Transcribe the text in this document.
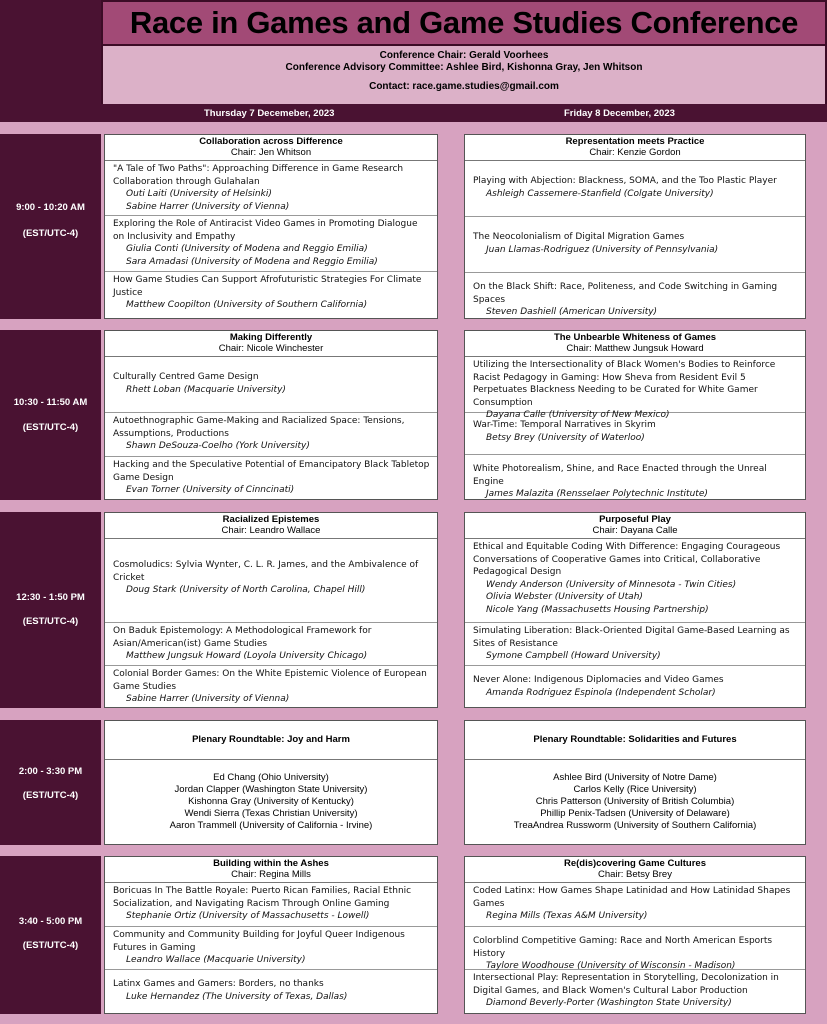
Race in Games and Game Studies Conference
Conference Chair: Gerald Voorhees
Conference Advisory Committee: Ashlee Bird, Kishonna Gray, Jen Whitson
Contact: race.game.studies@gmail.com
Thursday 7 Decemeber, 2023	Friday 8 December, 2023
9:00 - 10:20 AM
(EST/UTC-4)
10:30 - 11:50 AM
(EST/UTC-4)
12:30 - 1:50 PM
(EST/UTC-4)
2:00 - 3:30 PM
(EST/UTC-4)
3:40 - 5:00 PM
(EST/UTC-4)
Collaboration across Difference
Chair: Jen Whitson
"A Tale of Two Paths": Approaching Difference in Game Research Collaboration through Gulahalan
Outi Laiti (University of Helsinki)
Sabine Harrer (University of Vienna)
Exploring the Role of Antiracist Video Games in Promoting Dialogue on Inclusivity and Empathy
Giulia Conti (University of Modena and Reggio Emilia)
Sara Amadasi (University of Modena and Reggio Emilia)
How Game Studies Can Support Afrofuturistic Strategies For Climate Justice
Matthew Coopilton (University of Southern California)
Representation meets Practice
Chair: Kenzie Gordon
Playing with Abjection: Blackness, SOMA, and the Too Plastic Player
Ashleigh Cassemere-Stanfield (Colgate University)
The Neocolonialism of Digital Migration Games
Juan Llamas-Rodriguez (University of Pennsylvania)
On the Black Shift: Race, Politeness, and Code Switching in Gaming Spaces
Steven Dashiell (American University)
Making Differently
Chair: Nicole Winchester
Culturally Centred Game Design
Rhett Loban (Macquarie University)
Autoethnographic Game-Making and Racialized Space: Tensions, Assumptions, Productions
Shawn DeSouza-Coelho (York University)
Hacking and the Speculative Potential of Emancipatory Black Tabletop Game Design
Evan Torner (University of Cinncinati)
The Unbearble Whiteness of Games
Chair: Matthew Jungsuk Howard
Utilizing the Intersectionality of Black Women's Bodies to Reinforce Racist Pedagogy in Gaming: How Sheva from Resident Evil 5 Perpetuates Blackness Needing to be Curated for White Gamer Consumption
Dayana Calle (University of New Mexico)
War-Time: Temporal Narratives in Skyrim
Betsy Brey (University of Waterloo)
White Photorealism, Shine, and Race Enacted through the Unreal Engine
James Malazita (Rensselaer Polytechnic Institute)
Racialized Epistemes
Chair: Leandro Wallace
Cosmoludics: Sylvia Wynter, C. L. R. James, and the Ambivalence of Cricket
Doug Stark (University of North Carolina, Chapel Hill)
On Baduk Epistemology: A Methodological Framework for Asian/American(ist) Game Studies
Matthew Jungsuk Howard (Loyola University Chicago)
Colonial Border Games: On the White Epistemic Violence of European Game Studies
Sabine Harrer (University of Vienna)
Purposeful Play
Chair: Dayana Calle
Ethical and Equitable Coding With Difference: Engaging Courageous Conversations of Cooperative Games into Critical, Collaborative Pedagogical Design
Wendy Anderson (University of Minnesota - Twin Cities)
Olivia Webster (University of Utah)
Nicole Yang (Massachusetts Housing Partnership)
Simulating Liberation: Black-Oriented Digital Game-Based Learning as Sites of Resistance
Symone Campbell (Howard University)
Never Alone: Indigenous Diplomacies and Video Games
Amanda Rodriguez Espinola (Independent Scholar)
Plenary Roundtable: Joy and Harm
Ed Chang (Ohio University)
Jordan Clapper (Washington State University)
Kishonna Gray (University of Kentucky)
Wendi Sierra (Texas Christian University)
Aaron Trammell (University of California - Irvine)
Plenary Roundtable: Solidarities and Futures
Ashlee Bird (University of Notre Dame)
Carlos Kelly (Rice University)
Chris Patterson (University of British Columbia)
Phillip Penix-Tadsen (University of Delaware)
TreaAndrea Russworm (University of Southern California)
Building within the Ashes
Chair: Regina Mills
Boricuas In The Battle Royale: Puerto Rican Families, Racial Ethnic Socialization, and Navigating Racism Through Online Gaming
Stephanie Ortiz (University of Massachusetts - Lowell)
Community and Community Building for Joyful Queer Indigenous Futures in Gaming
Leandro Wallace (Macquarie University)
Latinx Games and Gamers: Borders, no thanks
Luke Hernandez (The University of Texas, Dallas)
Re(dis)covering Game Cultures
Chair: Betsy Brey
Coded Latinx: How Games Shape Latinidad and How Latinidad Shapes Games
Regina Mills (Texas A&M University)
Colorblind Competitive Gaming: Race and North American Esports History
Taylore Woodhouse (University of Wisconsin - Madison)
Intersectional Play: Representation in Storytelling, Decolonization in Digital Games, and Black Women's Cultural Labor Production
Diamond Beverly-Porter (Washington State University)
